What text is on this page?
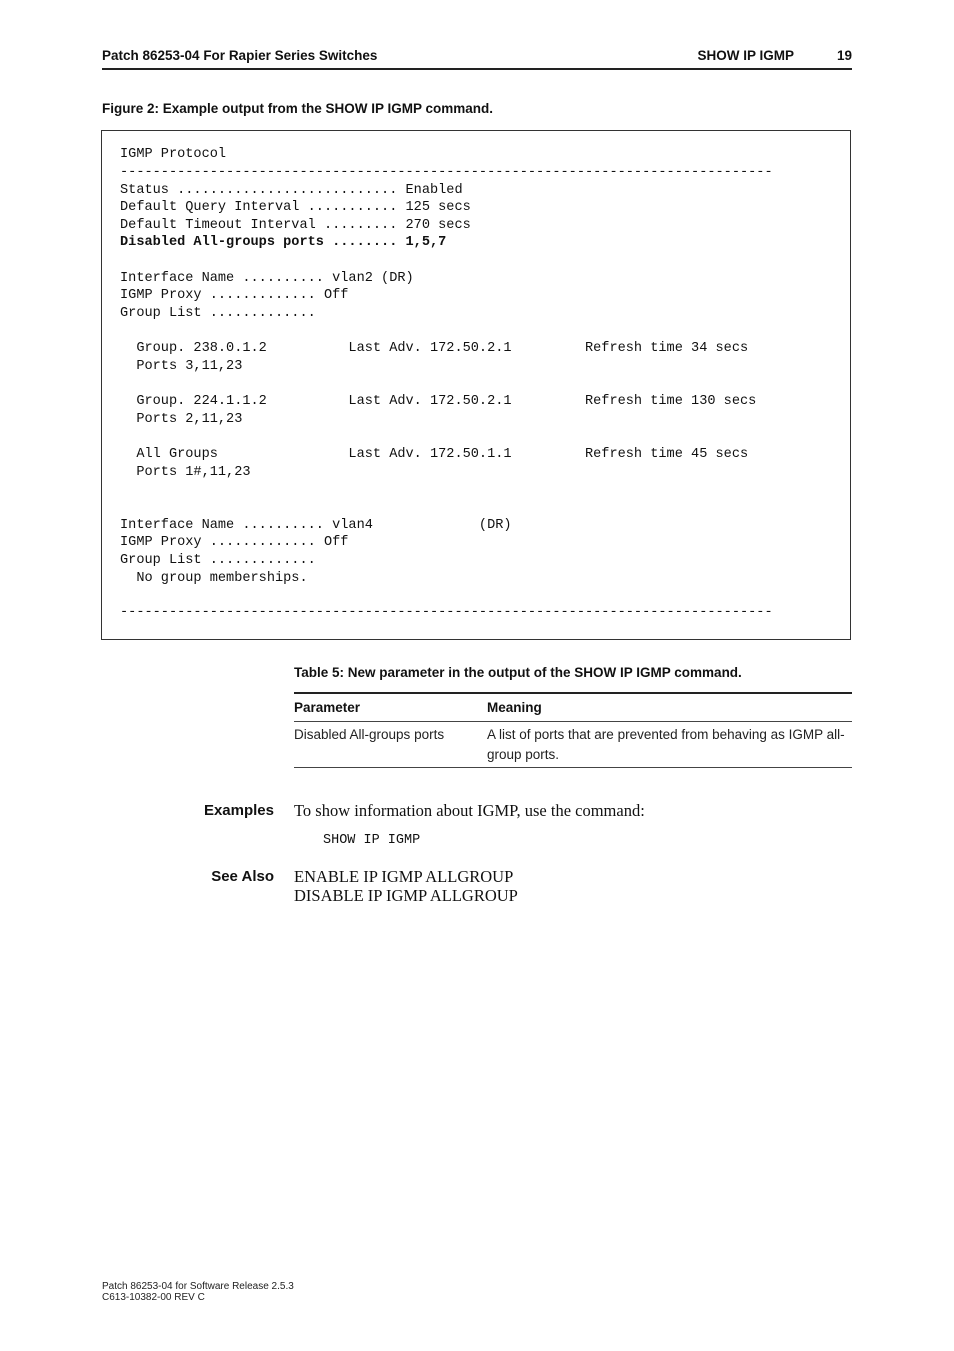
Patch 86253-04 For Rapier Series Switches	SHOW IP IGMP	19
Figure 2: Example output from the SHOW IP IGMP command.
IGMP Protocol
--------------------------------------------------------------------------------
Status ........................... Enabled
Default Query Interval ........... 125 secs
Default Timeout Interval ......... 270 secs
Disabled All-groups ports ........ 1,5,7
Interface Name .......... vlan2 (DR)
IGMP Proxy ............. Off
Group List .............
Group. 238.0.1.2          Last Adv. 172.50.2.1         Refresh time 34 secs
Ports 3,11,23
Group. 224.1.1.2          Last Adv. 172.50.2.1         Refresh time 130 secs
Ports 2,11,23
All Groups                Last Adv. 172.50.1.1         Refresh time 45 secs
Ports 1#,11,23
Interface Name .......... vlan4             (DR)
IGMP Proxy ............. Off
Group List .............
No group memberships.
--------------------------------------------------------------------------------
Table 5: New parameter in the output of the SHOW IP IGMP command.
Parameter	Meaning
Disabled All-groups ports	A list of ports that are prevented from behaving as IGMP all-
group ports.
Examples To show information about IGMP, use the command:
SHOW IP IGMP
See Also ENABLE IP IGMP ALLGROUP
DISABLE IP IGMP ALLGROUP
Patch 86253-04 for Software Release 2.5.3
C613-10382-00 REV C
